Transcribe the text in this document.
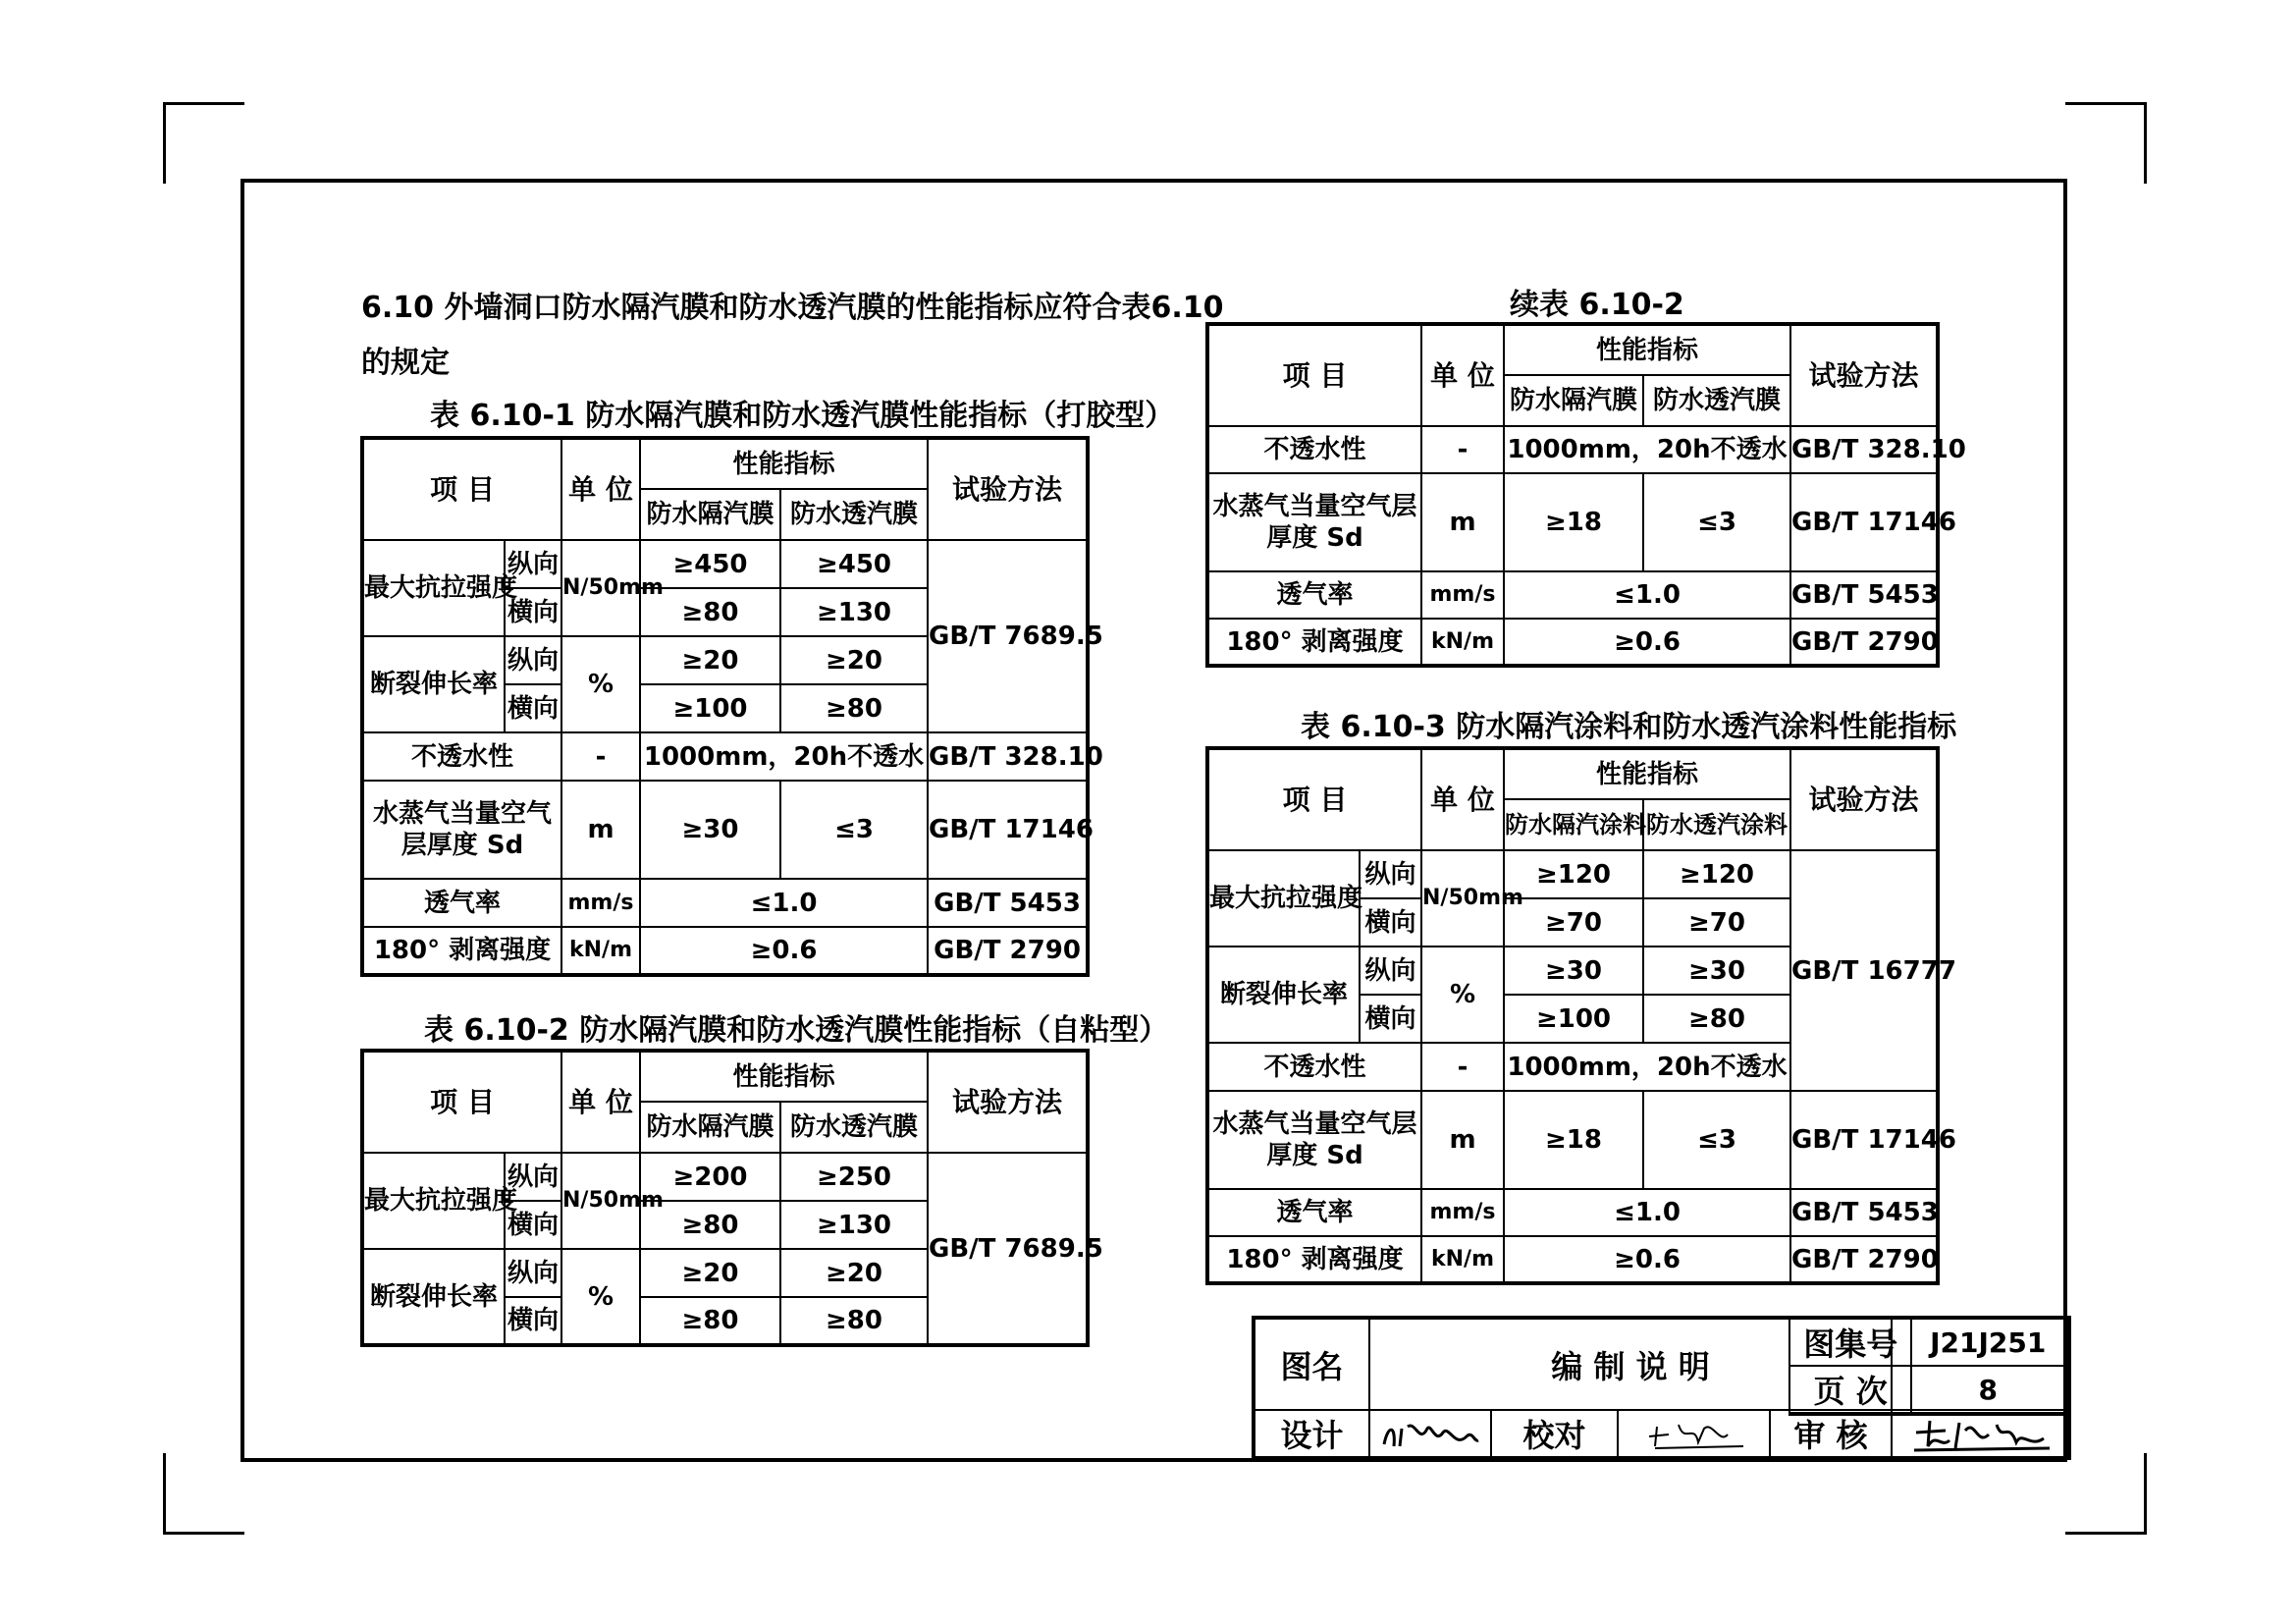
6.10 外墙洞口防水隔汽膜和防水透汽膜的性能指标应符合表6.10
的规定
表 6.10-1 防水隔汽膜和防水透汽膜性能指标（打胶型）
项 目		单 位	性能指标		试验方法
			防水隔汽膜	防水透汽膜	
最大抗拉强度	纵向	N/50mm	≥450	≥450	GB/T 7689.5
	横向		≥80	≥130	
断裂伸长率	纵向	%	≥20	≥20	
	横向		≥100	≥80	
不透水性		-	1000mm，20h不透水		GB/T 328.10
水蒸气当量空气层厚度 Sd		m	≥30	≤3	GB/T 17146
透气率		mm/s	≤1.0		GB/T 5453
180° 剥离强度		kN/m	≥0.6		GB/T 2790
表 6.10-2 防水隔汽膜和防水透汽膜性能指标（自粘型）
项 目		单 位	性能指标		试验方法
			防水隔汽膜	防水透汽膜	
最大抗拉强度	纵向	N/50mm	≥200	≥250	GB/T 7689.5
	横向		≥80	≥130	
断裂伸长率	纵向	%	≥20	≥20	
	横向		≥80	≥80	
续表 6.10-2
项 目	单 位	性能指标		试验方法
		防水隔汽膜	防水透汽膜	
不透水性	-	1000mm，20h不透水		GB/T 328.10
水蒸气当量空气层厚度 Sd	m	≥18	≤3	GB/T 17146
透气率	mm/s	≤1.0		GB/T 5453
180° 剥离强度	kN/m	≥0.6		GB/T 2790
表 6.10-3 防水隔汽涂料和防水透汽涂料性能指标
项 目		单 位	性能指标		试验方法
			防水隔汽涂料	防水透汽涂料	
最大抗拉强度	纵向	N/50mm	≥120	≥120	GB/T 16777
	横向		≥70	≥70	
断裂伸长率	纵向	%	≥30	≥30	
	横向		≥100	≥80	
不透水性		-	1000mm，20h不透水		
水蒸气当量空气层厚度 Sd		m	≥18	≤3	GB/T 17146
透气率		mm/s	≤1.0		GB/T 5453
180° 剥离强度		kN/m	≥0.6		GB/T 2790
图名	编 制 说 明			

设计		校对		审 核	
图集号	J21J251
页 次	8
